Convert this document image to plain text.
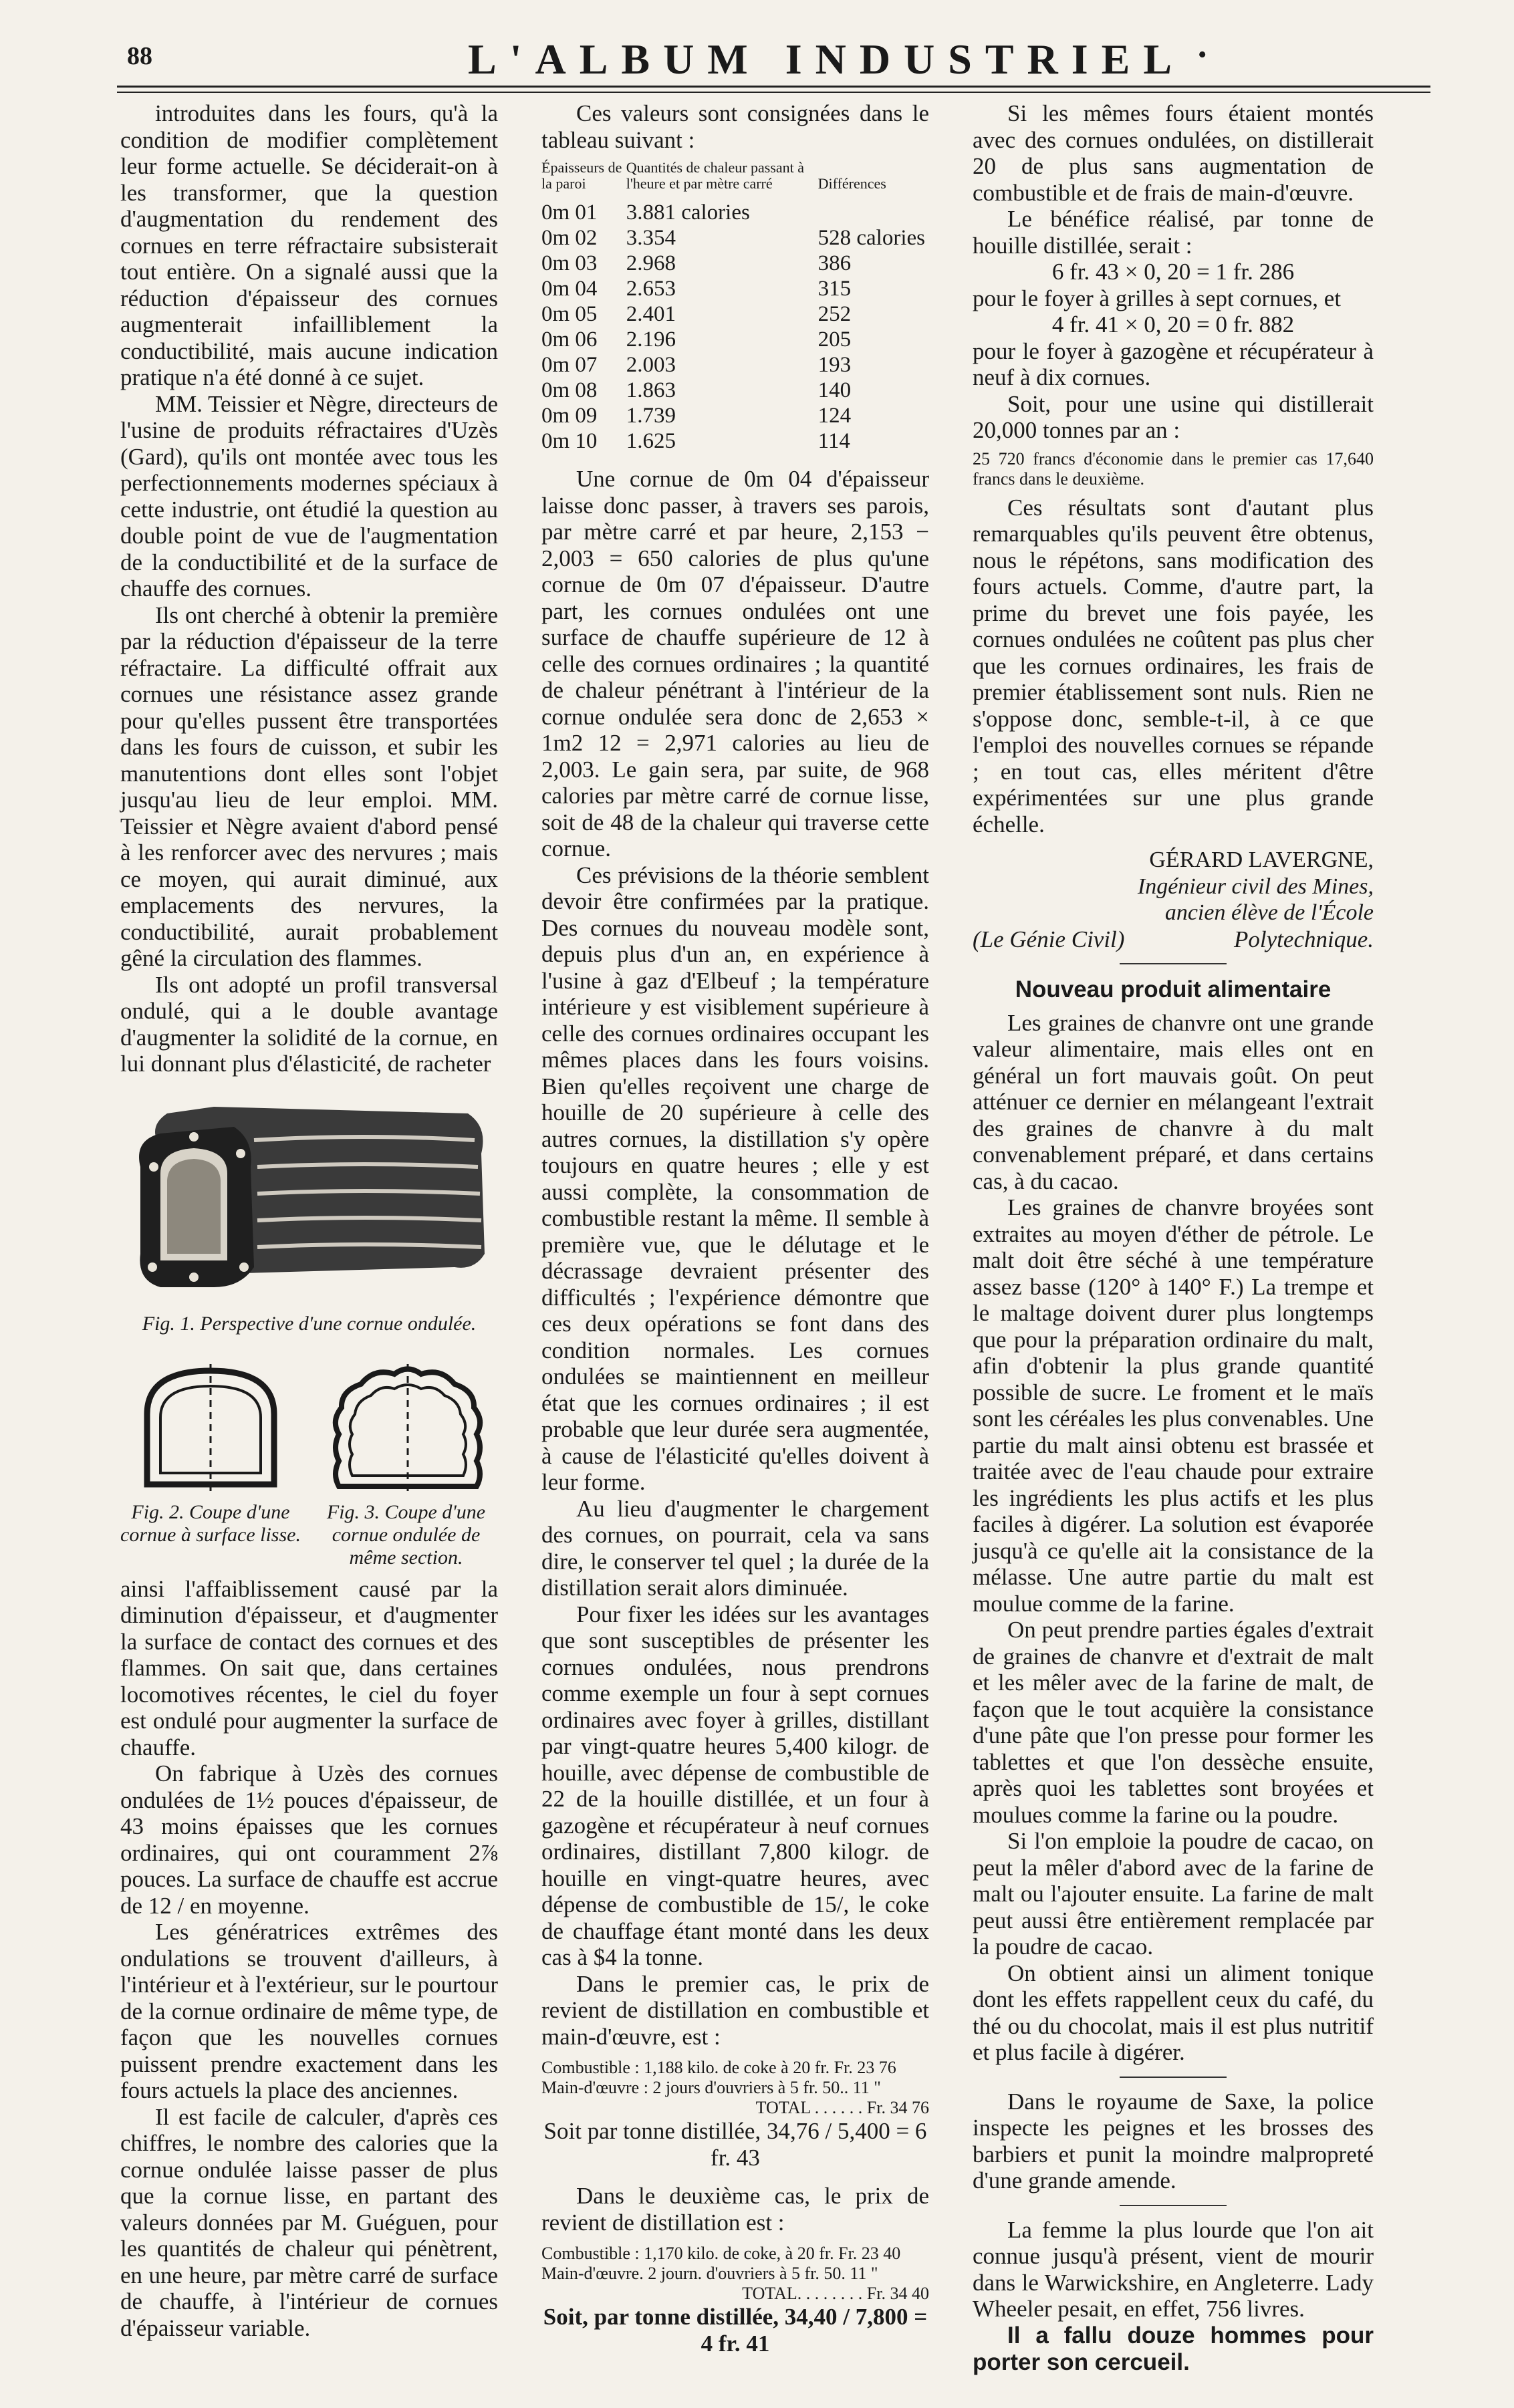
88	L'ALBUM INDUSTRIEL •

introduites dans les fours, qu'à la condition de modifier complètement leur forme actuelle. Se déciderait-on à les transformer, que la question d'augmentation du rendement des cornues en terre réfractaire subsisterait tout entière. On a signalé aussi que la réduction d'épaisseur des cornues augmenterait infailliblement la conductibilité, mais aucune indication pratique n'a été donné à ce sujet.

MM. Teissier et Nègre, directeurs de l'usine de produits réfractaires d'Uzès (Gard), qu'ils ont montée avec tous les perfectionnements modernes spéciaux à cette industrie, ont étudié la question au double point de vue de l'augmentation de la conductibilité et de la surface de chauffe des cornues.

Ils ont cherché à obtenir la première par la réduction d'épaisseur de la terre réfractaire. La difficulté offrait aux cornues une résistance assez grande pour qu'elles pussent être transportées dans les fours de cuisson, et subir les manutentions dont elles sont l'objet jusqu'au lieu de leur emploi. MM. Teissier et Nègre avaient d'abord pensé à les renforcer avec des nervures ; mais ce moyen, qui aurait diminué, aux emplacements des nervures, la conductibilité, aurait probablement gêné la circulation des flammes.

Ils ont adopté un profil transversal ondulé, qui a le double avantage d'augmenter la solidité de la cornue, en lui donnant plus d'élasticité, de racheter

Fig. 1. Perspective d'une cornue ondulée.
Fig. 2. Coupe d'une cornue à surface lisse.
Fig. 3. Coupe d'une cornue ondulée de même section.

ainsi l'affaiblissement causé par la diminution d'épaisseur, et d'augmenter la surface de contact des cornues et des flammes. On sait que, dans certaines locomotives récentes, le ciel du foyer est ondulé pour augmenter la surface de chauffe.

On fabrique à Uzès des cornues ondulées de 1½ pouces d'épaisseur, de 43 moins épaisses que les cornues ordinaires, qui ont couramment 2⅞ pouces. La surface de chauffe est accrue de 12 / en moyenne.

Les génératrices extrêmes des ondulations se trouvent d'ailleurs, à l'intérieur et à l'extérieur, sur le pourtour de la cornue ordinaire de même type, de façon que les nouvelles cornues puissent prendre exactement dans les fours actuels la place des anciennes.

Il est facile de calculer, d'après ces chiffres, le nombre des calories que la cornue ondulée laisse passer de plus que la cornue lisse, en partant des valeurs données par M. Guéguen, pour les quantités de chaleur qui pénètrent, en une heure, par mètre carré de surface de chauffe, à l'intérieur de cornues d'épaisseur variable.

Ces valeurs sont consignées dans le tableau suivant :

Épaisseurs de la paroi	Quantités de chaleur passant à l'heure et par mètre carré	Différences
0m 01	3.881 calories	
0m 02	3.354	528 calories
0m 03	2.968	386
0m 04	2.653	315
0m 05	2.401	252
0m 06	2.196	205
0m 07	2.003	193
0m 08	1.863	140
0m 09	1.739	124
0m 10	1.625	114

Une cornue de 0m 04 d'épaisseur laisse donc passer, à travers ses parois, par mètre carré et par heure, 2,153 − 2,003 = 650 calories de plus qu'une cornue de 0m 07 d'épaisseur. D'autre part, les cornues ondulées ont une surface de chauffe supérieure de 12 à celle des cornues ordinaires ; la quantité de chaleur pénétrant à l'intérieur de la cornue ondulée sera donc de 2,653 × 1m2 12 = 2,971 calories au lieu de 2,003. Le gain sera, par suite, de 968 calories par mètre carré de cornue lisse, soit de 48 de la chaleur qui traverse cette cornue.

Ces prévisions de la théorie semblent devoir être confirmées par la pratique. Des cornues du nouveau modèle sont, depuis plus d'un an, en expérience à l'usine à gaz d'Elbeuf ; la température intérieure y est visiblement supérieure à celle des cornues ordinaires occupant les mêmes places dans les fours voisins. Bien qu'elles reçoivent une charge de houille de 20 supérieure à celle des autres cornues, la distillation s'y opère toujours en quatre heures ; elle y est aussi complète, la consommation de combustible restant la même. Il semble à première vue, que le délutage et le décrassage devraient présenter des difficultés ; l'expérience démontre que ces deux opérations se font dans des condition normales. Les cornues ondulées se maintiennent en meilleur état que les cornues ordinaires ; il est probable que leur durée sera augmentée, à cause de l'élasticité qu'elles doivent à leur forme.

Au lieu d'augmenter le chargement des cornues, on pourrait, cela va sans dire, le conserver tel quel ; la durée de la distillation serait alors diminuée.

Pour fixer les idées sur les avantages que sont susceptibles de présenter les cornues ondulées, nous prendrons comme exemple un four à sept cornues ordinaires avec foyer à grilles, distillant par vingt-quatre heures 5,400 kilogr. de houille, avec dépense de combustible de 22 de la houille distillée, et un four à gazogène et récupérateur à neuf cornues ordinaires, distillant 7,800 kilogr. de houille en vingt-quatre heures, avec dépense de combustible de 15/, le coke de chauffage étant monté dans les deux cas à $4 la tonne.

Dans le premier cas, le prix de revient de distillation en combustible et main-d'œuvre, est :

Combustible : 1,188 kilo. de coke à 20 fr. Fr. 23 76

Main-d'œuvre : 2 jours d'ouvriers à 5 fr. 50.. 11 "

TOTAL . . . . . . Fr. 34 76

Soit par tonne distillée, 34,76 / 5,400 = 6 fr. 43

Dans le deuxième cas, le prix de revient de distillation est :

Combustible : 1,170 kilo. de coke, à 20 fr. Fr. 23 40

Main-d'œuvre. 2 journ. d'ouvriers à 5 fr. 50. 11 "

TOTAL. . . . . . . . Fr. 34 40

Soit, par tonne distillée, 34,40 / 7,800 = 4 fr. 41

Si les mêmes fours étaient montés avec des cornues ondulées, on distillerait 20 de plus sans augmentation de combustible et de frais de main-d'œuvre.

Le bénéfice réalisé, par tonne de houille distillée, serait :

6 fr. 43 × 0, 20 = 1 fr. 286

pour le foyer à grilles à sept cornues, et

4 fr. 41 × 0, 20 = 0 fr. 882

pour le foyer à gazogène et récupérateur à neuf à dix cornues.

Soit, pour une usine qui distillerait 20,000 tonnes par an :

25 720 francs d'économie dans le premier cas 17,640 francs dans le deuxième.

Ces résultats sont d'autant plus remarquables qu'ils peuvent être obtenus, nous le répétons, sans modification des fours actuels. Comme, d'autre part, la prime du brevet une fois payée, les cornues ondulées ne coûtent pas plus cher que les cornues ordinaires, les frais de premier établissement sont nuls. Rien ne s'oppose donc, semble-t-il, à ce que l'emploi des nouvelles cornues se répande ; en tout cas, elles méritent d'être expérimentées sur une plus grande échelle.

GÉRARD LAVERGNE,

Ingénieur civil des Mines,

ancien élève de l'École

(Le Génie Civil)	Polytechnique.
Nouveau produit alimentaire

Les graines de chanvre ont une grande valeur alimentaire, mais elles ont en général un fort mauvais goût. On peut atténuer ce dernier en mélangeant l'extrait des graines de chanvre à du malt convenablement préparé, et dans certains cas, à du cacao.

Les graines de chanvre broyées sont extraites au moyen d'éther de pétrole. Le malt doit être séché à une température assez basse (120° à 140° F.) La trempe et le maltage doivent durer plus longtemps que pour la préparation ordinaire du malt, afin d'obtenir la plus grande quantité possible de sucre. Le froment et le maïs sont les céréales les plus convenables. Une partie du malt ainsi obtenu est brassée et traitée avec de l'eau chaude pour extraire les ingrédients les plus actifs et les plus faciles à digérer. La solution est évaporée jusqu'à ce qu'elle ait la consistance de la mélasse. Une autre partie du malt est moulue comme de la farine.

On peut prendre parties égales d'extrait de graines de chanvre et d'extrait de malt et les mêler avec de la farine de malt, de façon que le tout acquière la consistance d'une pâte que l'on presse pour former les tablettes et que l'on dessèche ensuite, après quoi les tablettes sont broyées et moulues comme la farine ou la poudre.

Si l'on emploie la poudre de cacao, on peut la mêler d'abord avec de la farine de malt ou l'ajouter ensuite. La farine de malt peut aussi être entièrement remplacée par la poudre de cacao.

On obtient ainsi un aliment tonique dont les effets rappellent ceux du café, du thé ou du chocolat, mais il est plus nutritif et plus facile à digérer.

Dans le royaume de Saxe, la police inspecte les peignes et les brosses des barbiers et punit la moindre malpropreté d'une grande amende.

La femme la plus lourde que l'on ait connue jusqu'à présent, vient de mourir dans le Warwickshire, en Angleterre. Lady Wheeler pesait, en effet, 756 livres.

Il a fallu douze hommes pour porter son cercueil.
